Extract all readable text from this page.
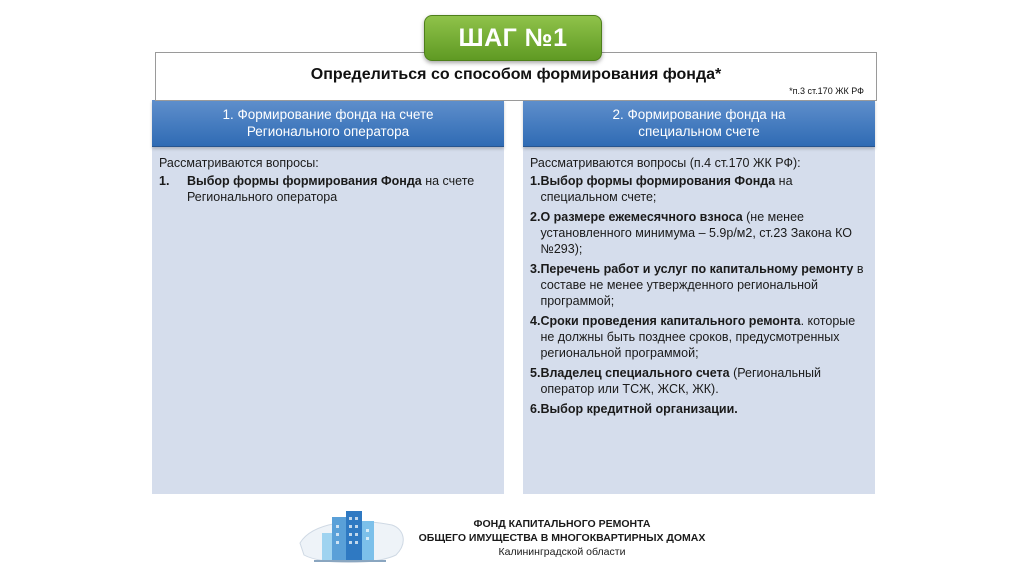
ШАГ №1
Определиться со способом формирования фонда*
*п.3 ст.170 ЖК РФ
1. Формирование фонда на счете
Регионального оператора
Рассматриваются вопросы:
1.	Выбор формы формирования Фонда на счете Регионального оператора
2. Формирование фонда на
специальном счете
Рассматриваются вопросы (п.4 ст.170 ЖК РФ):
1. Выбор формы формирования Фонда на специальном счете;
2. О размере ежемесячного взноса (не менее установленного минимума – 5.9р/м2, ст.23 Закона КО №293);
3. Перечень работ и услуг по капитальному ремонту в составе не менее утвержденного региональной программой;
4. Сроки проведения капитального ремонта. которые не должны быть позднее сроков, предусмотренных региональной программой;
5. Владелец специального счета (Региональный оператор или ТСЖ, ЖСК, ЖК).
6. Выбор кредитной организации.
ФОНД КАПИТАЛЬНОГО РЕМОНТА
ОБЩЕГО ИМУЩЕСТВА В МНОГОКВАРТИРНЫХ ДОМАХ
Калининградской области
